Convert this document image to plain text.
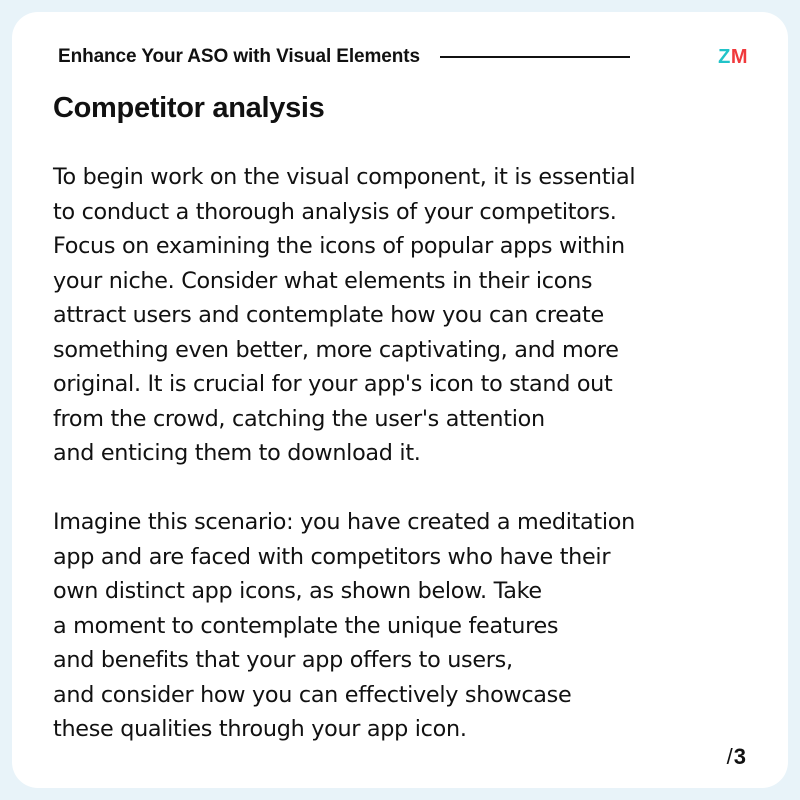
Enhance Your ASO with Visual Elements	ZM
Competitor analysis

To begin work on the visual component, it is essential
to conduct a thorough analysis of your competitors.
Focus on examining the icons of popular apps within
your niche. Consider what elements in their icons
attract users and contemplate how you can create
something even better, more captivating, and more
original. It is crucial for your app's icon to stand out
from the crowd, catching the user's attention
and enticing them to download it.

Imagine this scenario: you have created a meditation
app and are faced with competitors who have their
own distinct app icons, as shown below. Take
a moment to contemplate the unique features
and benefits that your app offers to users,
and consider how you can effectively showcase
these qualities through your app icon.

/3
